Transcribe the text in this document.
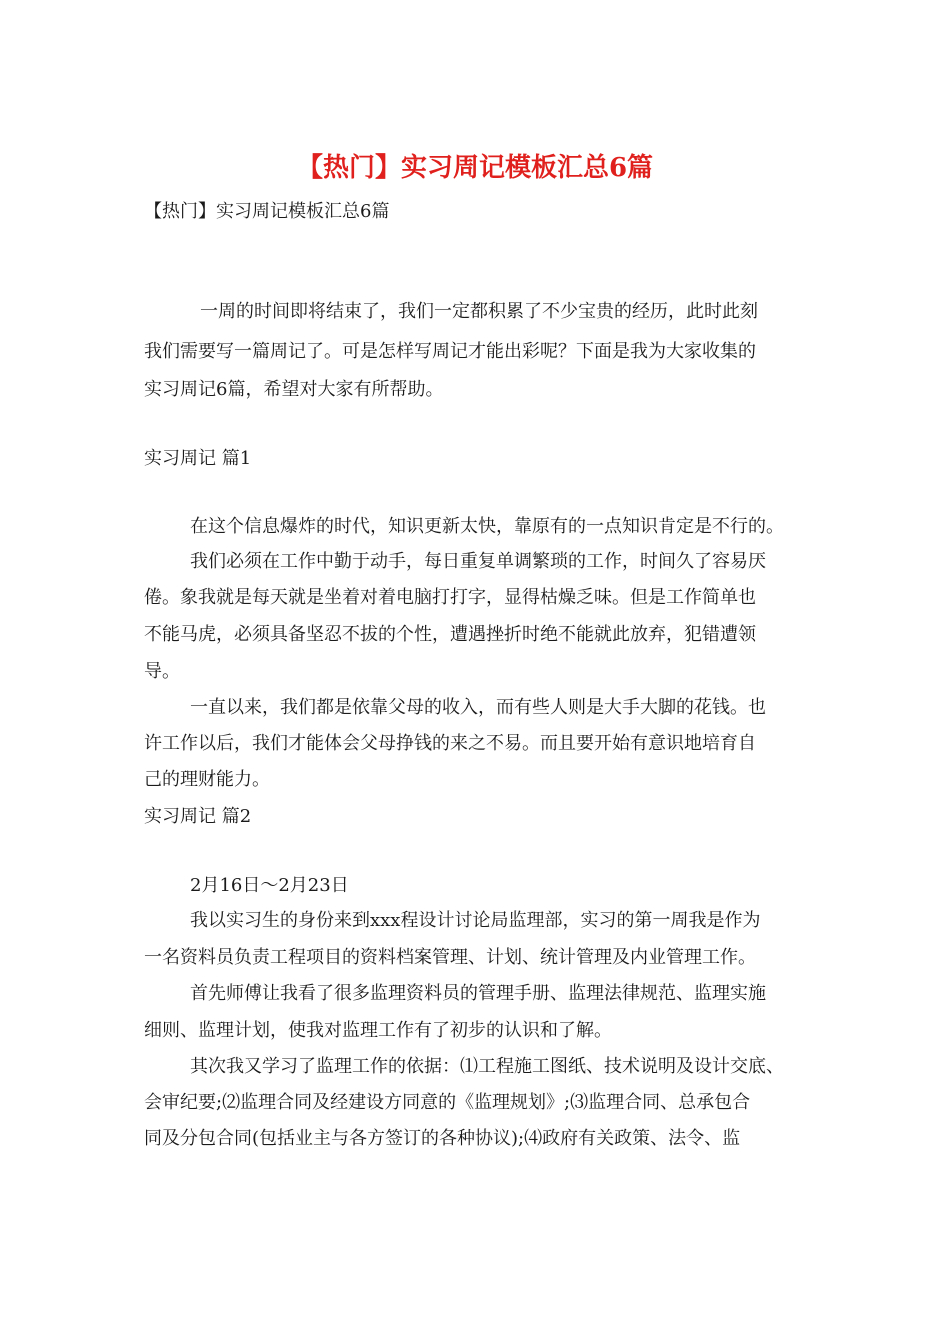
【热门】实习周记模板汇总6篇

【热门】实习周记模板汇总6篇

一周的时间即将结束了，我们一定都积累了不少宝贵的经历，此时此刻

我们需要写一篇周记了。可是怎样写周记才能出彩呢？下面是我为大家收集的

实习周记6篇，希望对大家有所帮助。

实习周记 篇1

在这个信息爆炸的时代，知识更新太快，靠原有的一点知识肯定是不行的。

我们必须在工作中勤于动手，每日重复单调繁琐的工作，时间久了容易厌

倦。象我就是每天就是坐着对着电脑打打字，显得枯燥乏味。但是工作简单也

不能马虎，必须具备坚忍不拔的个性，遭遇挫折时绝不能就此放弃，犯错遭领

导。

一直以来，我们都是依靠父母的收入，而有些人则是大手大脚的花钱。也

许工作以后，我们才能体会父母挣钱的来之不易。而且要开始有意识地培育自

己的理财能力。

实习周记 篇2

2月16日～2月23日

我以实习生的身份来到xxx程设计讨论局监理部，实习的第一周我是作为

一名资料员负责工程项目的资料档案管理、计划、统计管理及内业管理工作。

首先师傅让我看了很多监理资料员的管理手册、监理法律规范、监理实施

细则、监理计划，使我对监理工作有了初步的认识和了解。

其次我又学习了监理工作的依据：⑴工程施工图纸、技术说明及设计交底、

会审纪要;⑵监理合同及经建设方同意的《监理规划》;⑶监理合同、总承包合

同及分包合同(包括业主与各方签订的各种协议);⑷政府有关政策、法令、监
